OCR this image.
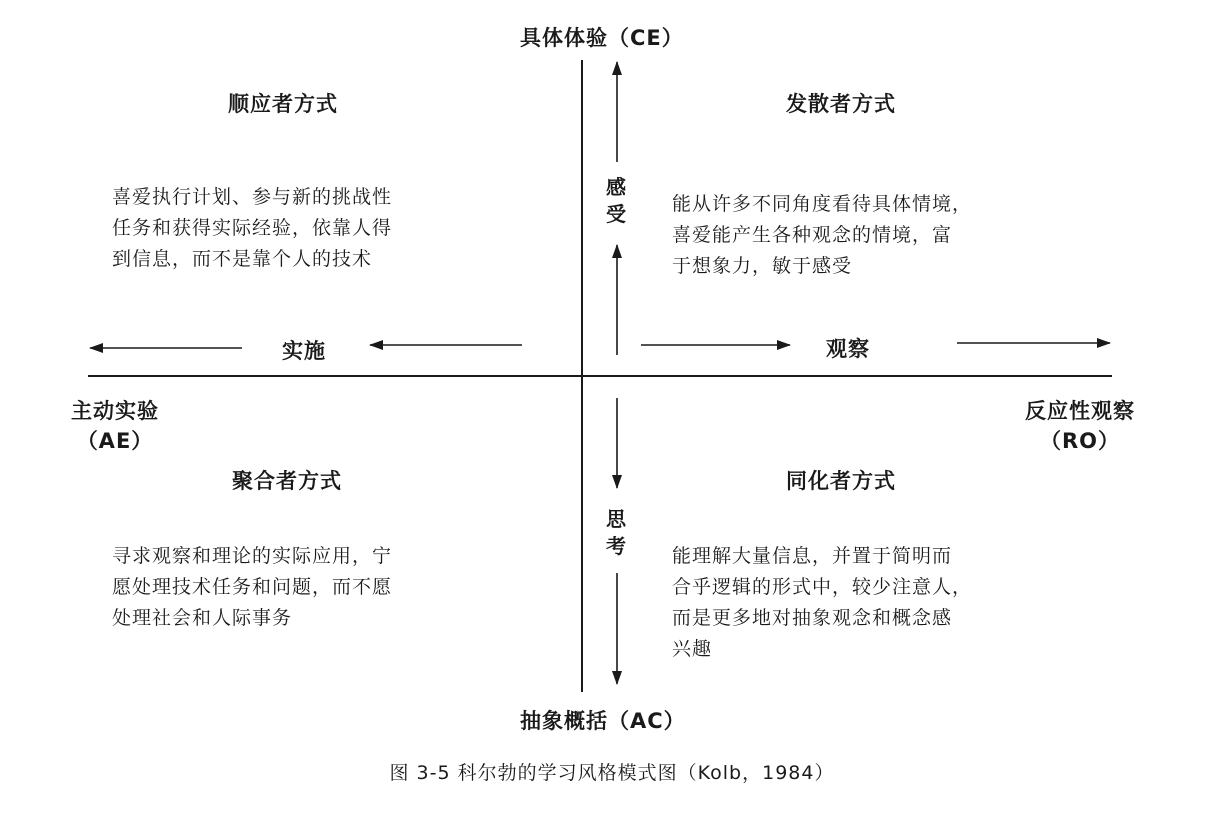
具体体验（CE）
抽象概括（AC）
主动实验
（AE）
反应性观察
（RO）
实施	观察
感
受
思
考
顺应者方式	发散者方式
聚合者方式	同化者方式
喜爱执行计划、参与新的挑战性
任务和获得实际经验，依靠人得
到信息，而不是靠个人的技术
能从许多不同角度看待具体情境，
喜爱能产生各种观念的情境，富
于想象力，敏于感受
寻求观察和理论的实际应用，宁
愿处理技术任务和问题，而不愿
处理社会和人际事务
能理解大量信息，并置于简明而
合乎逻辑的形式中，较少注意人，
而是更多地对抽象观念和概念感
兴趣
图 3-5 科尔勃的学习风格模式图（Kolb，1984）
